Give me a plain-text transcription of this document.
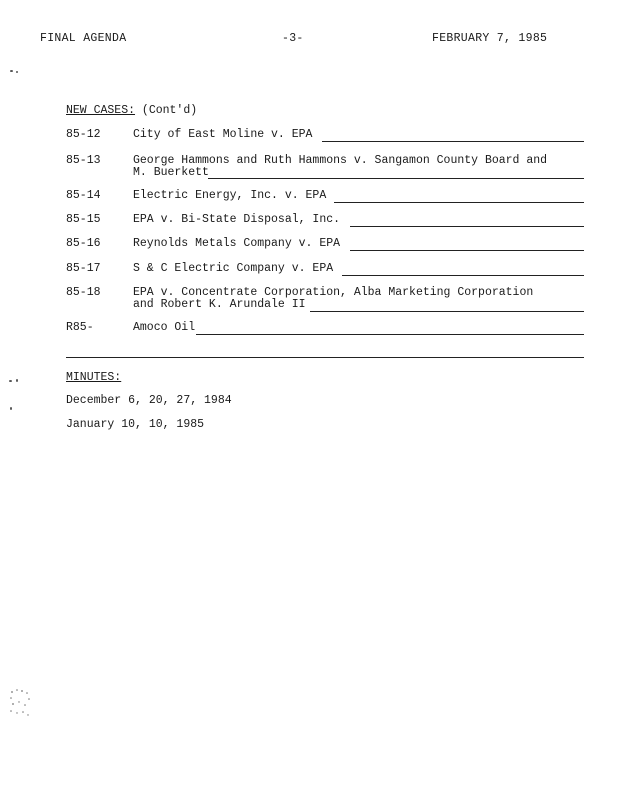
FINAL AGENDA	-3-	FEBRUARY 7, 1985
NEW CASES: (Cont'd)
85-12	City of East Moline v. EPA
85-13	George Hammons and Ruth Hammons v. Sangamon County Board and
M. Buerkett
85-14	Electric Energy, Inc. v. EPA
85-15	EPA v. Bi-State Disposal, Inc.
85-16	Reynolds Metals Company v. EPA
85-17	S & C Electric Company v. EPA
85-18	EPA v. Concentrate Corporation, Alba Marketing Corporation
and Robert K. Arundale II
R85-	Amoco Oil
MINUTES:
December 6, 20, 27, 1984
January 10, 10, 1985
